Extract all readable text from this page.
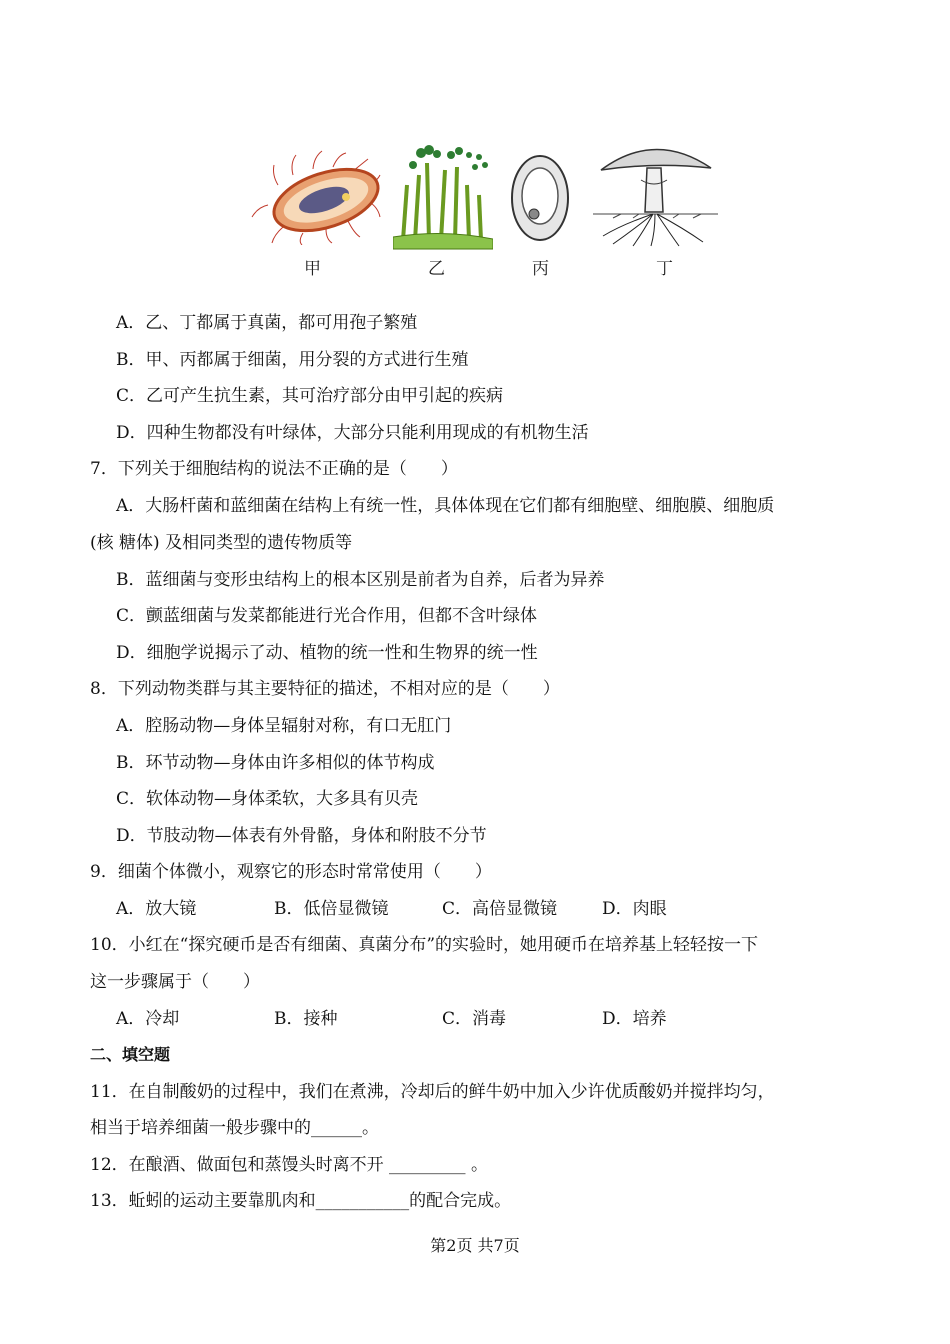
甲	乙	丙	丁
A．乙、丁都属于真菌，都可用孢子繁殖
B．甲、丙都属于细菌，用分裂的方式进行生殖
C．乙可产生抗生素，其可治疗部分由甲引起的疾病
D．四种生物都没有叶绿体，大部分只能利用现成的有机物生活
7．下列关于细胞结构的说法不正确的是（　　）
A．大肠杆菌和蓝细菌在结构上有统一性，具体体现在它们都有细胞壁、细胞膜、细胞质
(核 糖体) 及相同类型的遗传物质等
B．蓝细菌与变形虫结构上的根本区别是前者为自养，后者为异养
C．颤蓝细菌与发菜都能进行光合作用，但都不含叶绿体
D．细胞学说揭示了动、植物的统一性和生物界的统一性
8．下列动物类群与其主要特征的描述，不相对应的是（　　）
A．腔肠动物—身体呈辐射对称，有口无肛门
B．环节动物—身体由许多相似的体节构成
C．软体动物—身体柔软，大多具有贝壳
D．节肢动物—体表有外骨骼，身体和附肢不分节
9．细菌个体微小，观察它的形态时常常使用（　　）
A．放大镜	B．低倍显微镜	C．高倍显微镜	D．肉眼
10．小红在“探究硬币是否有细菌、真菌分布”的实验时，她用硬币在培养基上轻轻按一下
这一步骤属于（　　）
A．冷却	B．接种	C．消毒	D．培养
二、填空题
11．在自制酸奶的过程中，我们在煮沸，冷却后的鲜牛奶中加入少许优质酸奶并搅拌均匀，
相当于培养细菌一般步骤中的______。
12．在酿酒、做面包和蒸馒头时离不开 _________ 。
13．蚯蚓的运动主要靠肌肉和___________的配合完成。
第2页 共7页
